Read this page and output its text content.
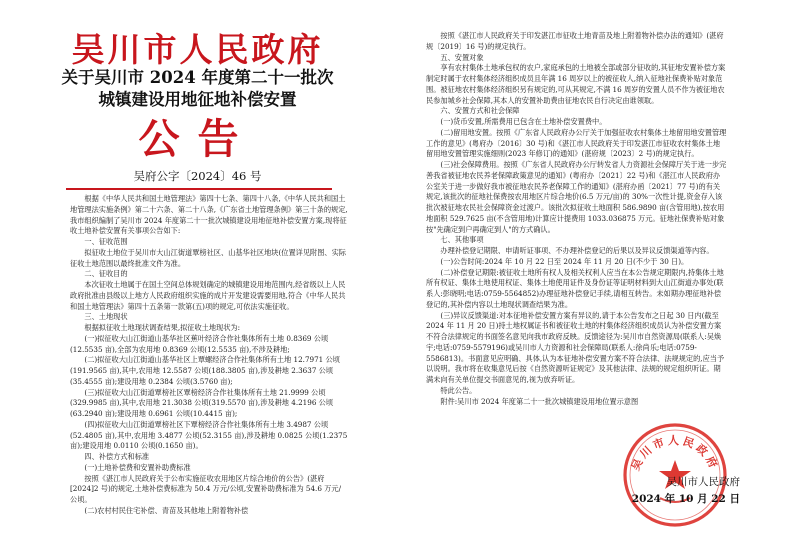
吴川市人民政府
关于吴川市 2024 年度第二十一批次
城镇建设用地征地补偿安置
公告
吴府公字〔2024〕46 号

根据《中华人民共和国土地管理法》第四十七条、第四十八条,《中华人民共和国土地管理法实施条例》第二十六条、第二十八条,《广东省土地管理条例》第三十条的规定,我市组织编制了吴川市 2024 年度第二十一批次城镇建设用地征地补偿安置方案,现将征收土地补偿安置有关事项公告如下:

一、征收范围

拟征收土地位于吴川市大山江街道覃榜社区、山基华社区地块(位置详见附图、实际征收土地范围以最终批准文件为准。

二、征收目的

本次征收土地属于在国土空间总体规划确定的城镇建设用地范围内,经省级以上人民政府批准由县级以上地方人民政府组织实施的成片开发建设需要用地,符合《中华人民共和国土地管理法》第四十五条第一款第(五)项的规定,可依法实施征收。

三、土地现状

根据拟征收土地现状调查结果,拟征收土地现状为:

(一)拟征收大山江街道山基华社区蕉叶经济合作社集体所有土地 0.8369 公顷(12.5535 亩),全部为农用地 0.8369 公顷(12.5535 亩),不涉及耕地;

(二)拟征收大山江街道山基华社区上覃螺经济合作社集体所有土地 12.7971 公顷(191.9565 亩),其中,农用地 12.5587 公顷(188.3805 亩),涉及耕地 2.3637 公顷(35.4555 亩);建设用地 0.2384 公顷(3.5760 亩);

(三)拟征收大山江街道覃榜社区覃榜经济合作社集体所有土地 21.9999 公顷(329.9985 亩),其中,农用地 21.3038 公顷(319.5570 亩),涉及耕地 4.2196 公顷(63.2940 亩);建设用地 0.6961 公顷(10.4415 亩);

(四)拟征收大山江街道覃榜社区下覃榜经济合作社集体所有土地 3.4987 公顷(52.4805 亩),其中,农用地 3.4877 公顷(52.3155 亩),涉及耕地 0.0825 公顷(1.2375 亩);建设用地 0.0110 公顷(0.1650 亩)。

四、补偿方式和标准

(一)土地补偿费和安置补助费标准

按照《湛江市人民政府关于公布实施征收农用地区片综合地价的公告》(湛府[2024]2 号)的规定,土地补偿费标准为 50.4 万元/公顷,安置补助费标准为 54.6 万元/公顷。

(二)农村村民住宅补偿、青苗及其他地上附着物补偿

按照《湛江市人民政府关于印发湛江市征收土地青苗及地上附着物补偿办法的通知》(湛府规〔2019〕16 号)的规定执行。

五、安置对象

享有农村集体土地承包权的农户,家庭承包的土地被全部或部分征收的,其征地安置补偿方案制定时属于农村集体经济组织成员且年满 16 周岁以上的被征收人,纳入征地社保费补贴对象范围。被征地农村集体经济组织另有规定的,可从其规定,不满 16 周岁的安置人员不作为被征地农民参加城乡社会保障,其本人的安置补助费由征地农民自行决定由谁领取。

六、安置方式和社会保障

(一)货币安置,所需费用已包含在土地补偿安置费中。

(二)留用地安置。按照《广东省人民政府办公厅关于加强征收农村集体土地留用地安置管理工作的意见》(粤府办〔2016〕30 号)和《湛江市人民政府关于印发湛江市征收农村集体土地留用地安置管理实施细则(2023 年修订)的通知》(湛府规〔2023〕2 号)的规定执行。

(三)社会保障费用。按照《广东省人民政府办公厅转发省人力资源社会保障厅关于进一步完善我省被征地农民养老保障政策意见的通知》(粤府办〔2021〕22 号)和《湛江市人民政府办公室关于进一步做好我市被征地农民养老保障工作的通知》(湛府办函〔2021〕77 号)的有关规定,该批次的征地社保费按农用地区片综合地价(6.5 万元/亩)的 30%一次性计提,资金存入该批次被征地农民社会保障资金过渡户。该批次拟征收土地面积 586.9890 亩(含管用地),按农用地面积 529.7625 亩(不含管用地)计算应计提费用 1033.036875 万元。征地社保费补贴对象按"先确定到户再确定到人"的方式确认。

七、其他事项

办理补偿登记期限、申请听证事项、不办理补偿登记的后果以及异议反馈渠道等内容。

(一)公告时间:2024 年 10 月 22 日至 2024 年 11 月 20 日(不少于 30 日)。

(二)补偿登记期限:被征收土地所有权人及相关权利人应当在本公告规定期限内,持集体土地所有权证、集体土地使用权证、集体土地使用证件及身份证等证明材料到大山江街道办事处(联系人:彭晓明;电话:0759-5564852)办理征地补偿登记手续,请相互转告。未如期办理征地补偿登记的,其补偿内容以土地现状调查结果为准。

(三)异议反馈渠道:对本征地补偿安置方案有异议的,请于本公告发布之日起 30 日内(截至 2024 年 11 月 20 日)持土地权属证书和被征收土地的村集体经济组织成员认为补偿安置方案不符合法律规定的书面签名意见向我市政府反映。反馈途径为:吴川市自然资源局(联系人:吴焕宇;电话:0759-5579196)或吴川市人力资源和社会保障局(联系人:徐尚乐;电话:0759-5586813)。书面意见应明确、具体,认为本征地补偿安置方案不符合法律、法规规定的,应当予以说明。我市将在收集意见后按《自然资源听证规定》及其他法律、法规的规定组织听证。期满未向有关单位提交书面意见的,视为放弃听证。

特此公告。

附件:吴川市 2024 年度第二十一批次城镇建设用地位置示意图

吴川市人民政府
吴川市人民政府
2024 年 10 月 22 日
